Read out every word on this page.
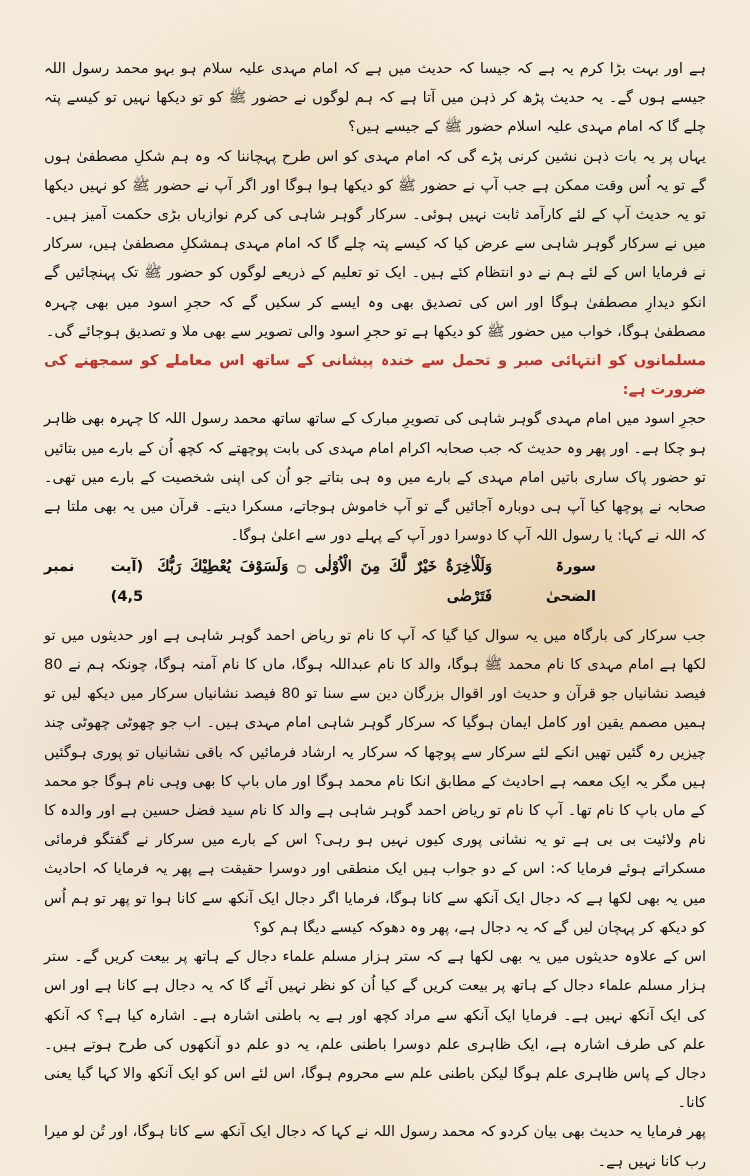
ہے اور بہت بڑا کرم یہ ہے کہ جیسا کہ حدیث میں ہے کہ امام مہدی علیہ سلام ہو بہو محمد رسول اللہ جیسے ہوں گے۔ یہ حدیث پڑھ کر ذہن میں آتا ہے کہ ہم لوگوں نے حضور ﷺ کو تو دیکھا نہیں تو کیسے پتہ چلے گا کہ امام مہدی علیہ اسلام حضور ﷺ کے جیسے ہیں؟

یہاں پر یہ بات ذہن نشین کرنی پڑے گی کہ امام مہدی کو اس طرح پہچاننا کہ وہ ہم شکلِ مصطفیٰ ہوں گے تو یہ اُس وقت ممکن ہے جب آپ نے حضور ﷺ کو دیکھا ہوا ہوگا اور اگر آپ نے حضور ﷺ کو نہیں دیکھا تو یہ حدیث آپ کے لئے کارآمد ثابت نہیں ہوئی۔ سرکار گوہر شاہی کی کرم نوازیاں بڑی حکمت آمیز ہیں۔ میں نے سرکار گوہر شاہی سے عرض کیا کہ کیسے پتہ چلے گا کہ امام مہدی ہمشکلِ مصطفیٰ ہیں، سرکار نے فرمایا اس کے لئے ہم نے دو انتظام کئے ہیں۔ ایک تو تعلیم کے ذریعے لوگوں کو حضور ﷺ تک پہنچائیں گے انکو دیدارِ مصطفیٰ ہوگا اور اس کی تصدیق بھی وہ ایسے کر سکیں گے کہ حجرِ اسود میں بھی چہرہ مصطفیٰ ہوگا، خواب میں حضور ﷺ کو دیکھا ہے تو حجرِ اسود والی تصویر سے بھی ملا و تصدیق ہوجائے گی۔

مسلمانوں کو انتہائی صبر و تحمل سے خندہ پیشانی کے ساتھ اس معاملے کو سمجھنے کی ضرورت ہے:

حجرِ اسود میں امام مہدی گوہر شاہی کی تصویرِ مبارک کے ساتھ ساتھ محمد رسول اللہ کا چہرہ بھی ظاہر ہو چکا ہے۔ اور پھر وہ حدیث کہ جب صحابہ اکرام امام مہدی کی بابت پوچھتے کہ کچھ اُن کے بارے میں بتائیں تو حضور پاک ساری باتیں امام مہدی کے بارے میں وہ ہی بتاتے جو اُن کی اپنی شخصیت کے بارے میں تھی۔ صحابہ نے پوچھا کیا آپ ہی دوبارہ آجائیں گے تو آپ خاموش ہوجاتے، مسکرا دیتے۔ قرآن میں یہ بھی ملتا ہے کہ اللہ نے کہا: یا رسول اللہ آپ کا دوسرا دور آپ کے پہلے دور سے اعلیٰ ہوگا۔

سورۃ الضحیٰ
وَلَلْاٰخِرَةُ خَيْرٌ لَّكَ مِنَ الْاُوْلٰى ۝ وَلَسَوْفَ يُعْطِيْكَ رَبُّكَ فَتَرْضٰى
(آیت نمبر 4,5)

جب سرکار کی بارگاہ میں یہ سوال کیا گیا کہ آپ کا نام تو ریاض احمد گوہر شاہی ہے اور حدیثوں میں تو لکھا ہے امام مہدی کا نام محمد ﷺ ہوگا، والد کا نام عبداللہ ہوگا، ماں کا نام آمنہ ہوگا، چونکہ ہم نے 80 فیصد نشانیاں جو قرآن و حدیث اور اقوال بزرگان دین سے سنا تو 80 فیصد نشانیاں سرکار میں دیکھ لیں تو ہمیں مصمم یقین اور کامل ایمان ہوگیا کہ سرکار گوہر شاہی امام مہدی ہیں۔ اب جو چھوٹی چھوٹی چند چیزیں رہ گئیں تھیں انکے لئے سرکار سے پوچھا کہ سرکار یہ ارشاد فرمائیں کہ باقی نشانیاں تو پوری ہوگئیں ہیں مگر یہ ایک معمہ ہے احادیث کے مطابق انکا نام محمد ہوگا اور ماں باپ کا بھی وہی نام ہوگا جو محمد کے ماں باپ کا نام تھا۔ آپ کا نام تو ریاض احمد گوہر شاہی ہے والد کا نام سید فضل حسین ہے اور والدہ کا نام ولائیت بی بی ہے تو یہ نشانی پوری کیوں نہیں ہو رہی؟ اس کے بارے میں سرکار نے گفتگو فرمائی مسکراتے ہوئے فرمایا کہ: اس کے دو جواب ہیں ایک منطقی اور دوسرا حقیقت ہے پھر یہ فرمایا کہ احادیث میں یہ بھی لکھا ہے کہ دجال ایک آنکھ سے کانا ہوگا، فرمایا اگر دجال ایک آنکھ سے کانا ہوا تو پھر تو ہم اُس کو دیکھ کر پہچان لیں گے کہ یہ دجال ہے، پھر وہ دھوکہ کیسے دیگا ہم کو؟

اس کے علاوہ حدیثوں میں یہ بھی لکھا ہے کہ ستر ہزار مسلم علماء دجال کے ہاتھ پر بیعت کریں گے۔ ستر ہزار مسلم علماء دجال کے ہاتھ پر بیعت کریں گے کیا اُن کو نظر نہیں آئے گا کہ یہ دجال ہے کانا ہے اور اس کی ایک آنکھ نہیں ہے۔ فرمایا ایک آنکھ سے مراد کچھ اور ہے یہ باطنی اشارہ ہے۔ اشارہ کیا ہے؟ کہ آنکھ علم کی طرف اشارہ ہے، ایک ظاہری علم دوسرا باطنی علم، یہ دو علم دو آنکھوں کی طرح ہوتے ہیں۔ دجال کے پاس ظاہری علم ہوگا لیکن باطنی علم سے محروم ہوگا، اس لئے اس کو ایک آنکھ والا کہا گیا یعنی کانا۔

پھر فرمایا یہ حدیث بھی بیان کردو کہ محمد رسول اللہ نے کہا کہ دجال ایک آنکھ سے کانا ہوگا، اور تُن لو میرا رب کانا نہیں ہے۔
